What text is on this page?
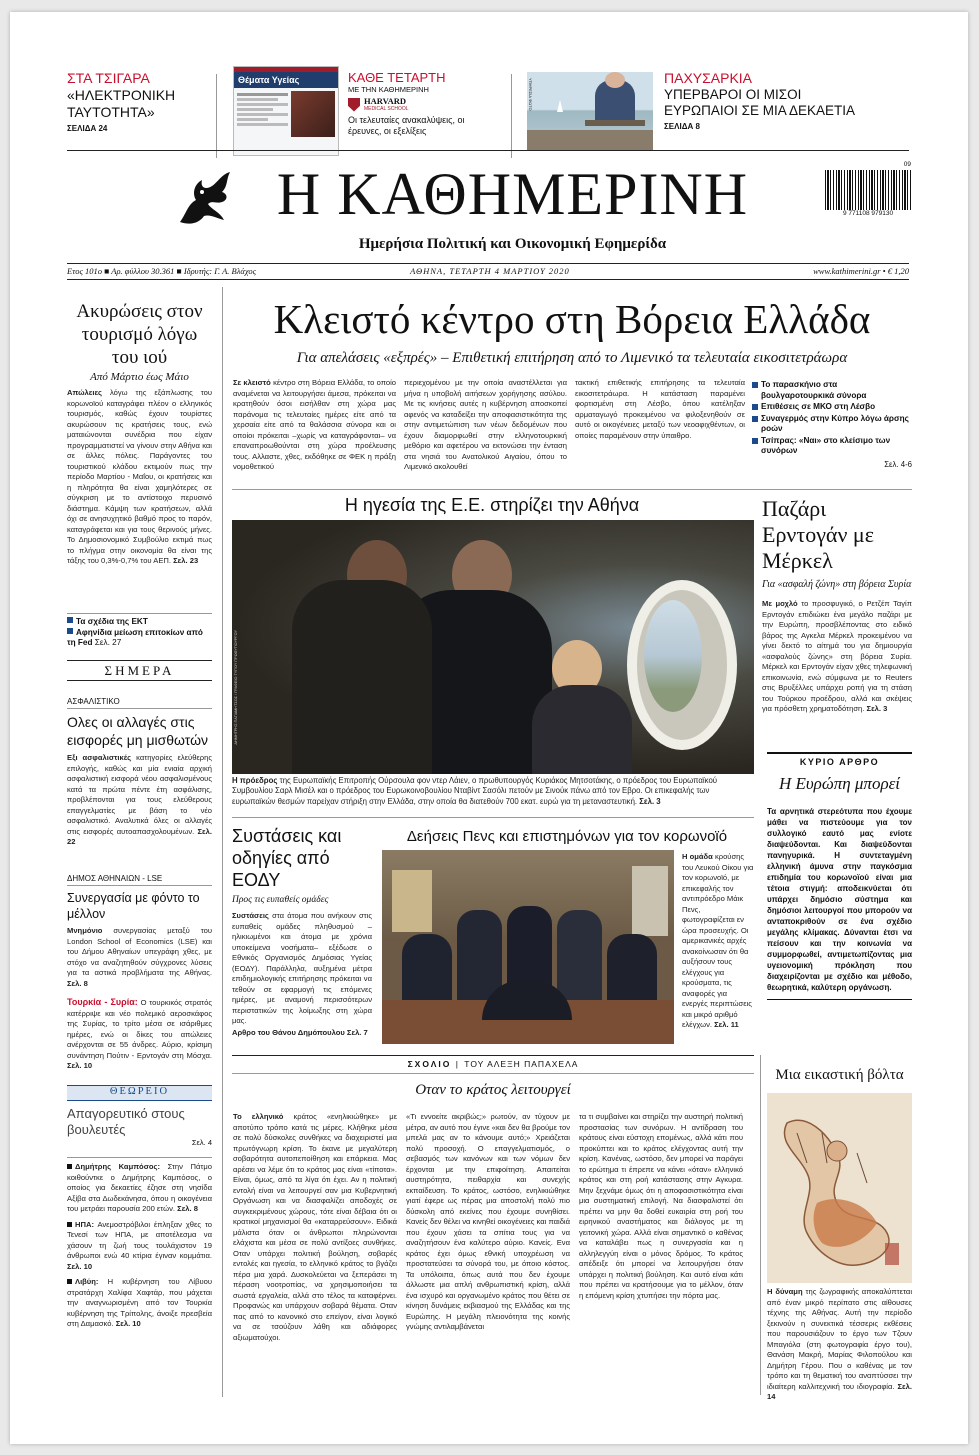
ΣΤΑ ΤΣΙΓΑΡΑ
«ΗΛΕΚΤΡΟΝΙΚΗ ΤΑΥΤΟΤΗΤΑ»
ΣΕΛΙΔΑ 24
Θέματα Υγείας	ΚΑΘΕ ΤΕΤΑΡΤΗ
ΜΕ ΤΗΝ ΚΑΘΗΜΕΡΙΝΗ
HARVARD
MEDICAL SCHOOL
Οι τελευταίες ανακαλύψεις, οι έρευνες, οι εξελίξεις
ΥΠΗΡΕΣΙΑ ΦΩΤΟ	ΠΑΧΥΣΑΡΚΙΑ
ΥΠΕΡΒΑΡΟΙ ΟΙ ΜΙΣΟΙ ΕΥΡΩΠΑΙΟΙ ΣΕ ΜΙΑ ΔΕΚΑΕΤΙΑ
ΣΕΛΙΔΑ 8
Η ΚΑΘΗΜΕΡΙΝΗ
Ημερήσια Πολιτική και Οικονομική Εφημερίδα
9 771108 979130
09
Ετος 101ο ■ Αρ. φύλλου 30.361 ■ Ιδρυτής: Γ. Α. Βλάχος	ΑΘΗΝΑ, ΤΕΤΑΡΤΗ 4 ΜΑΡΤΙΟΥ 2020	www.kathimerini.gr • € 1,20
Ακυρώσεις στον τουρισμό λόγω του ιού
Από Μάρτιο έως Μάιο
Απώλειες λόγω της εξάπλωσης του κορωνοϊού καταγράφει πλέον ο ελληνικός τουρισμός, καθώς έχουν τουρίστες ακυρώσουν τις κρατήσεις τους, ενώ ματαιώνονται συνέδρια που είχαν προγραμματιστεί να γίνουν στην Αθήνα και σε άλλες πόλεις. Παράγοντες του τουριστικού κλάδου εκτιμούν πως την περίοδο Μαρτίου - Μαΐου, οι κρατήσεις και η πληρότητα θα είναι χαμηλότερες σε σύγκριση με το αντίστοιχο περυσινό διάστημα. Κάμψη των κρατήσεων, αλλά όχι σε ανησυχητικό βαθμό προς το παρόν, καταγράφεται και για τους θερινούς μήνες. Το Δημοσιονομικό Συμβούλιο εκτιμά πως το πλήγμα στην οικονομία θα είναι της τάξης του 0,3%-0,7% του ΑΕΠ. Σελ. 23
Τα σχέδια της ΕΚΤ
Αφηνίδια μείωση επιτοκίων από τη Fed Σελ. 27
ΣΗΜΕΡΑ
ΑΣΦΑΛΙΣΤΙΚΟ
Ολες οι αλλαγές στις εισφορές μη μισθωτών
Εξι ασφαλιστικές κατηγορίες ελεύθερης επιλογής, καθώς και μία ενιαία αρχική ασφαλιστική εισφορά νέου ασφαλισμένους κατά τα πρώτα πέντε έτη ασφάλισης, προβλέπονται για τους ελεύθερους επαγγελματίες με βάση το νέο ασφαλιστικό. Αναλυτικά όλες οι αλλαγές στις εισφορές αυτοαπασχολουμένων. Σελ. 22
ΔΗΜΟΣ ΑΘΗΝΑΙΩΝ - LSE
Συνεργασία με φόντο το μέλλον
Μνημόνιο συνεργασίας μεταξύ του London School of Economics (LSE) και του Δήμου Αθηναίων υπεγράφη χθες, με στόχο να αναζητηθούν σύγχρονες λύσεις για τα αστικά προβλήματα της Αθήνας. Σελ. 8
Τουρκία - Συρία: Ο τουρκικός στρατός κατέρριψε και νέο πολεμικό αεροσκάφος της Συρίας, το τρίτο μέσα σε ισάριθμες ημέρες, ενώ οι δίκες του απώλειες ανέρχονται σε 55 άνδρες. Αύριο, κρίσιμη συνάντηση Πούτιν - Ερντογάν στη Μόσχα. Σελ. 10
ΘΕΩΡΕΙΟ
Απαγορευτικό στους βουλευτές
Σελ. 4
Δημήτρης Καμπόσος: Στην Πάτμο κοιθούντκε ο Δημήτρης Καμπόσος, ο οποίος για δεκαετίες έζησε στη νησίδα Αξίβα στα Δωδεκάνησα, όπου η οικογένεια του μετράει παρουσία 200 ετών. Σελ. 8
ΗΠΑ: Ανεμοστρόβιλοι έπληξαν χθες το Τενεσί των ΗΠΑ, με αποτέλεσμα να χάσουν τη ζωή τους τουλάχιστον 19 άνθρωποι ενώ 40 κτίρια έγιναν κομμάτια. Σελ. 10
Λιβύη: Η κυβέρνηση του Λίβυου στρατάρχη Χαλίφα Χαφτάρ, που μάχεται την αναγνωρισμένη από τον Τουρκία κυβέρνηση της Τρίπολης, άνοιξε πρεσβεία στη Δαμασκό. Σελ. 10
Κλειστό κέντρο στη Βόρεια Ελλάδα
Για απελάσεις «εξπρές» – Επιθετική επιτήρηση από το Λιμενικό τα τελευταία εικοσιτετράωρα
Σε κλειστό κέντρο στη Βόρεια Ελλάδα, το οποίο αναμένεται να λειτουργήσει άμεσα, πρόκειται να κρατηθούν όσοι εισήλθαν στη χώρα μας παράνομα τις τελευταίες ημέρες είτε από τα χερσαία είτε από τα θαλάσσια σύνορα και οι οποίοι πρόκειται –χωρίς να καταγράφονται– να επαναπροωθούνται στη χώρα προέλευσης τους. Αλλαστε, χθες, εκδόθηκε σε ΦΕΚ η πράξη νομοθετικού
περιεχομένου με την οποία αναστέλλεται για μήνα η υποβολή αιτήσεων χορήγησης ασύλου. Με τις κινήσεις αυτές η κυβέρνηση αποσκοπεί αφενός να καταδείξει την αποφασιστικότητα της στην αντιμετώπιση των νέων δεδομένων που έχουν διαμορφωθεί στην ελληνοτουρκική μεθόριο και αφετέρου να εκτονώσει την ένταση στα νησιά του Ανατολικού Αιγαίου, όπου το Λιμενικό ακολουθεί
τακτική επιθετικής επιτήρησης τα τελευταία εικοσιτετράωρα. Η κατάσταση παραμένει φορτισμένη στη Λέσβο, όπου κατέληξαν αρματαγωγό προκειμένου να φιλοξενηθούν σε αυτό οι οικογένειες μεταξύ των νεοαφιχθέντων, οι οποίες παραμένουν στην ύπαιθρο.
Το παρασκήνιο στα βουλγαροτουρκικά σύνορα
Επιθέσεις σε ΜΚΟ στη Λέσβο
Συναγερμός στην Κύπρο λόγω άρσης ροών
Τσίπρας: «Ναι» στο κλείσιμο των συνόρων
Σελ. 4-6
Η ηγεσία της Ε.Ε. στηρίζει την Αθήνα
ΔΗΜΗΤΡΗΣ ΠΑΠΑΜΗΤΣΟΣ / ΓΡΑΦΕΙΟ ΤΥΠΟΥ ΠΡΩΘΥΠΟΥΡΓΟΥ
Η πρόεδρος της Ευρωπαϊκής Επιτροπής Ούρσουλα φον ντερ Λάιεν, ο πρωθυπουργός Κυριάκος Μητσοτάκης, ο πρόεδρος του Ευρωπαϊκού Συμβουλίου Σαρλ Μισέλ και ο πρόεδρος του Ευρωκοινοβουλίου Νταβίντ Σασόλι πετούν με Σινούκ πάνω από τον Εβρο. Οι επικεφαλής των ευρωπαϊκών θεσμών παρείχαν στήριξη στην Ελλάδα, στην οποία θα διατεθούν 700 εκατ. ευρώ για τη μεταναστευτική. Σελ. 3
Παζάρι Ερντογάν με Μέρκελ
Για «ασφαλή ζώνη» στη βόρεια Συρία
Με μοχλό το προσφυγικό, ο Ρετζέπ Ταγίπ Ερντογάν επιδιώκει ένα μεγάλο παζάρι με την Ευρώπη, προσβλέποντας στο ειδικό βάρος της Αγκελα Μέρκελ προκειμένου να γίνει δεκτό το αίτημά του για δημιουργία «ασφαλούς ζώνης» στη βόρεια Συρία. Μέρκελ και Ερντογάν είχαν χθες τηλεφωνική επικοινωνία, ενώ σύμφωνα με το Reuters στις Βρυξέλλες υπάρχει ροπή για τη στάση του Τούρκου προέδρου, αλλά και σκέψεις για πρόσθετη χρηματοδότηση. Σελ. 3
ΚΥΡΙΟ ΑΡΘΡΟ
Η Ευρώπη μπορεί
Τα αρνητικά στερεότυπα που έχουμε μάθει να πιστεύουμε για τον συλλογικό εαυτό μας ενίοτε διαψεύδονται. Και διαψεύδονται πανηγυρικά. Η συντεταγμένη ελληνική άμυνα στην παγκόσμια επιδημία του κορωνοϊού είναι μια τέτοια στιγμή: αποδεικνύεται ότι υπάρχει δημόσιο σύστημα και δημόσιοι λειτουργοί που μπορούν να ανταποκριθούν σε ένα σχέδιο μεγάλης κλίμακας. Δύνανται έτσι να πείσουν και την κοινωνία να συμμορφωθεί, αντιμετωπίζοντας μια υγειονομική πρόκληση που διαχειρίζονται με σχέδιο και μέθοδο, θεωρητικά, καλύτερη οργάνωση.
Συστάσεις και οδηγίες από ΕΟΔΥ
Προς τις ευπαθείς ομάδες
Συστάσεις στα άτομα που ανήκουν στις ευπαθείς ομάδες πληθυσμού –ηλικιωμένοι και άτομα με χρόνια υποκείμενα νοσήματα– εξέδωσε ο Εθνικός Οργανισμός Δημόσιας Υγείας (ΕΟΔΥ). Παράλληλα, αυξημένα μέτρα επιδημιολογικής επιτήρησης πρόκειται να τεθούν σε εφαρμογή τις επόμενες ημέρες, με αναμονή περισσότερων περιστατικών της λοίμωξης στη χώρα μας.
Αρθρο του Θάνου Δημόπουλου Σελ. 7
Δεήσεις Πενς και επιστημόνων για τον κορωνοϊό
Η ομάδα κρούσης του Λευκού Οίκου για τον κορωνοϊό, με επικεφαλής τον αντιπρόεδρο Μάικ Πενς, φωτογραφίζεται εν ώρα προσευχής. Οι αμερικανικές αρχές ανακοίνωσαν ότι θα αυξήσουν τους ελέγχους για κρούσματα, τις αναφορές για ενεργές περιπτώσεις και μικρό αριθμό ελέγχων. Σελ. 11
ΣΧΟΛΙΟ | ΤΟΥ ΑΛΕΞΗ ΠΑΠΑΧΕΛΑ
Οταν το κράτος λειτουργεί
Το ελληνικό κράτος «ενηλικιώθηκε» με αποτύπο τρόπο κατά τις μέρες. Κλήθηκε μέσα σε πολύ δύσκολες συνθήκες να διαχειριστεί μια πρωτόγνωρη κρίση. Το έκανε με μεγαλύτερη σοβαρότητα αυτοπεποίθηση και επάρκεια. Μας αρέσει να λέμε ότι το κράτος μας είναι «τίποτα». Είναι, όμως, από τα λίγα ότι έχει. Αν η πολιτική εντολή είναι να λειτουργεί σαν μια Κυβερνητική Οργάνωση και να διασφαλίζει αποδοχές σε συγκεκριμένους χώρους, τότε είναι δέβαια ότι οι κρατικοί μηχανισμοί θα «καταρρεύσουν». Ειδικά μάλιστα όταν οι άνθρωποι πληρώνονται ελάχιστα και μέσα σε πολύ αντίξοες συνθήκες. Οταν υπάρχει πολιτική βούληση, σοβαρές εντολές και ηγεσία, το ελληνικό κράτος το βγάζει πέρα μια χαρά. Δυσκολεύεται να ξεπεράσει τη πέραση νοοτροπίας, να χρησιμοποιήσει τα σωστά εργαλεία, αλλά στο τέλος τα καταφέρνει. Προφανώς και υπάρχουν σοβαρά θέματα. Οταν πας από το κανονικό στο επείγον, είναι λογικό να σε τσούζουν λάθη και αδιάφορες αξιωματούχοι.
«Τι εννοείτε ακριβώς;» ρωτούν, αν τύχουν με μέτρα, αν αυτό που έγινε «και δεν θα βρούμε τον μπελά μας αν το κάνουμε αυτό;» Χρειάζεται πολύ προσοχή. Ο επαγγελματισμός, ο σεβασμός των κανόνων και των νόμων δεν έρχονται με την επιφοίτηση. Απαιτείται αυστηρότητα, πειθαρχία και συνεχής εκπαίδευση. Το κράτος, ωστόσο, ενηλικιώθηκε γιατί έφερε ως πέρας μια αποστολή πολύ πιο δύσκολη από εκείνες που έχουμε συνηθίσει. Κανείς δεν θέλει να κινηθεί οικογένειες και παιδιά που έχουν χάσει τα σπίτια τους για να αναζητήσουν ένα καλύτερο αύριο. Κανείς. Ενα κράτος έχει όμως εθνική υποχρέωση να προστατεύσει τα σύνορά του, με όποιο κόστος. Τα υπόλοιπα, όπως αυτά που δεν έχουμε άλλωστε μια απλή ανθρωπιστική κρίση, αλλά ένα ισχυρό και οργανωμένο κράτος που θέτει σε κίνηση δυνάμεις εκβιασμού της Ελλάδας και της Ευρώπης. Η μεγάλη πλειονότητα της κοινής γνώμης αντιλαμβάνεται
τα τι συμβαίνει και στηρίζει την αυστηρή πολιτική προστασίας των συνόρων. Η αντίδραση του κράτους είναι εύστοχη επομένως, αλλά κάτι που προκύπτει και το κράτος ελέγχοντας αυτή την κρίση. Κανένας, ωστόσο, δεν μπορεί να παράγει το ερώτημα τι έπρεπε να κάνει «όταν» ελληνικό κράτος και στη ροή κατάστασης στην Αγκυρα. Μην ξεχνάμε όμως ότι η αποφασιστικότητα είναι μια συστηματική επιλογή. Να διασφαλιστεί ότι πρέπει να μην θα δοθεί ευκαιρία στη ροή του ειρηνικού αναστήματος και διάλογος με τη γειτονική χώρα. Αλλά είναι σημαντικό ο καθένας να καταλάβει πως η συνεργασία και η αλληλεγγύη είναι ο μόνος δρόμος. Το κράτος απέδειξε ότι μπορεί να λειτουργήσει όταν υπάρχει η πολιτική βούληση. Και αυτό είναι κάτι που πρέπει να κρατήσουμε για το μέλλον, όταν η επόμενη κρίση χτυπήσει την πόρτα μας.
Μια εικαστική βόλτα
Η δύναμη της ζωγραφικής αποκαλύπτεται από έναν μικρό περίπατο στις αίθουσες τέχνης της Αθήνας. Αυτή την περίοδο ξεκινούν η συνεκτικά τέσσερις εκθέσεις που παρουσιάζουν το έργο των Τζουν Μπαγιόλα (στη φωτογραφία έργο του), Θανάση Μακρή, Μαρίας Φιλοπούλου και Δημήτρη Γέρου. Που ο καθένας με τον τρόπο και τη θεματική του αναπτύσσει την ιδιαίτερη καλλιτεχνική του ιδιογραφία. Σελ. 14
